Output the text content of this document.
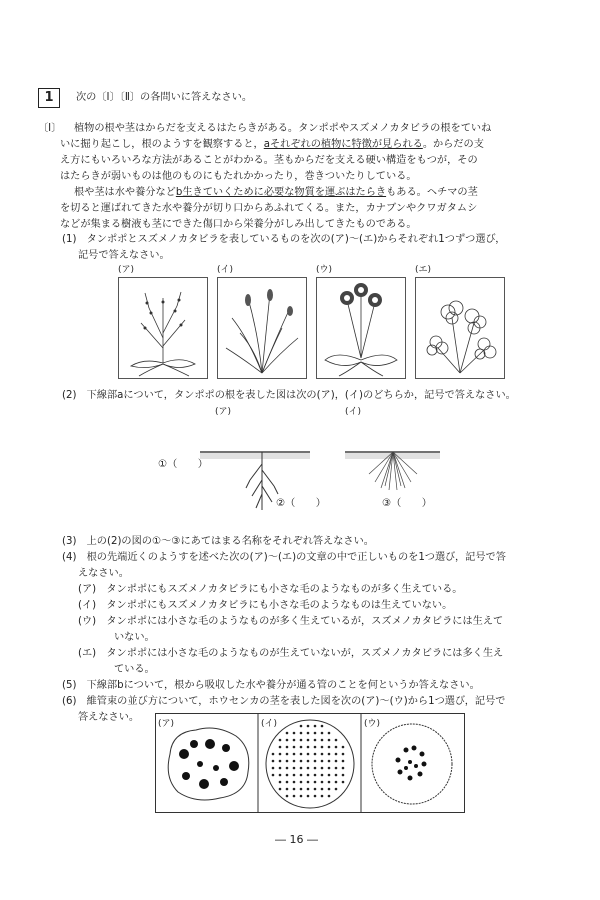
1	次の〔Ⅰ〕〔Ⅱ〕の各問いに答えなさい。
〔Ⅰ〕 植物の根や茎はからだを支えるはたらきがある。タンポポやスズメノカタビラの根をていね
いに掘り起こし，根のようすを観察すると，aそれぞれの植物に特徴が見られる。からだの支
え方にもいろいろな方法があることがわかる。茎もからだを支える硬い構造をもつが，その
はたらきが弱いものは他のものにもたれかかったり，巻きついたりしている。
根や茎は水や養分などb生きていくために必要な物質を運ぶはたらきもある。ヘチマの茎
を切ると運ばれてきた水や養分が切り口からあふれてくる。また，カナブンやクワガタムシ
などが集まる樹液も茎にできた傷口から栄養分がしみ出してきたものである。
(1)　タンポポとスズメノカタビラを表しているものを次の(ア)～(エ)からそれぞれ1つずつ選び，
記号で答えなさい。
(ア)	(イ)	(ウ)	(エ)
(2)　下線部aについて，タンポポの根を表した図は次の(ア)，(イ)のどちらか，記号で答えなさい。
(ア)	(イ)
①（　　）
②（　　）	③（　　）
(3)　上の(2)の図の①～③にあてはまる名称をそれぞれ答えなさい。
(4)　根の先端近くのようすを述べた次の(ア)～(エ)の文章の中で正しいものを1つ選び，記号で答
えなさい。
(ア)　タンポポにもスズメノカタビラにも小さな毛のようなものが多く生えている。
(イ)　タンポポにもスズメノカタビラにも小さな毛のようなものは生えていない。
(ウ)　タンポポには小さな毛のようなものが多く生えているが，スズメノカタビラには生えて
いない。
(エ)　タンポポには小さな毛のようなものが生えていないが，スズメノカタビラには多く生え
ている。
(5)　下線部bについて，根から吸収した水や養分が通る管のことを何というか答えなさい。
(6)　維管束の並び方について，ホウセンカの茎を表した図を次の(ア)～(ウ)から1つ選び，記号で
答えなさい。
(ア)	(イ)	(ウ)
― 16 ―
